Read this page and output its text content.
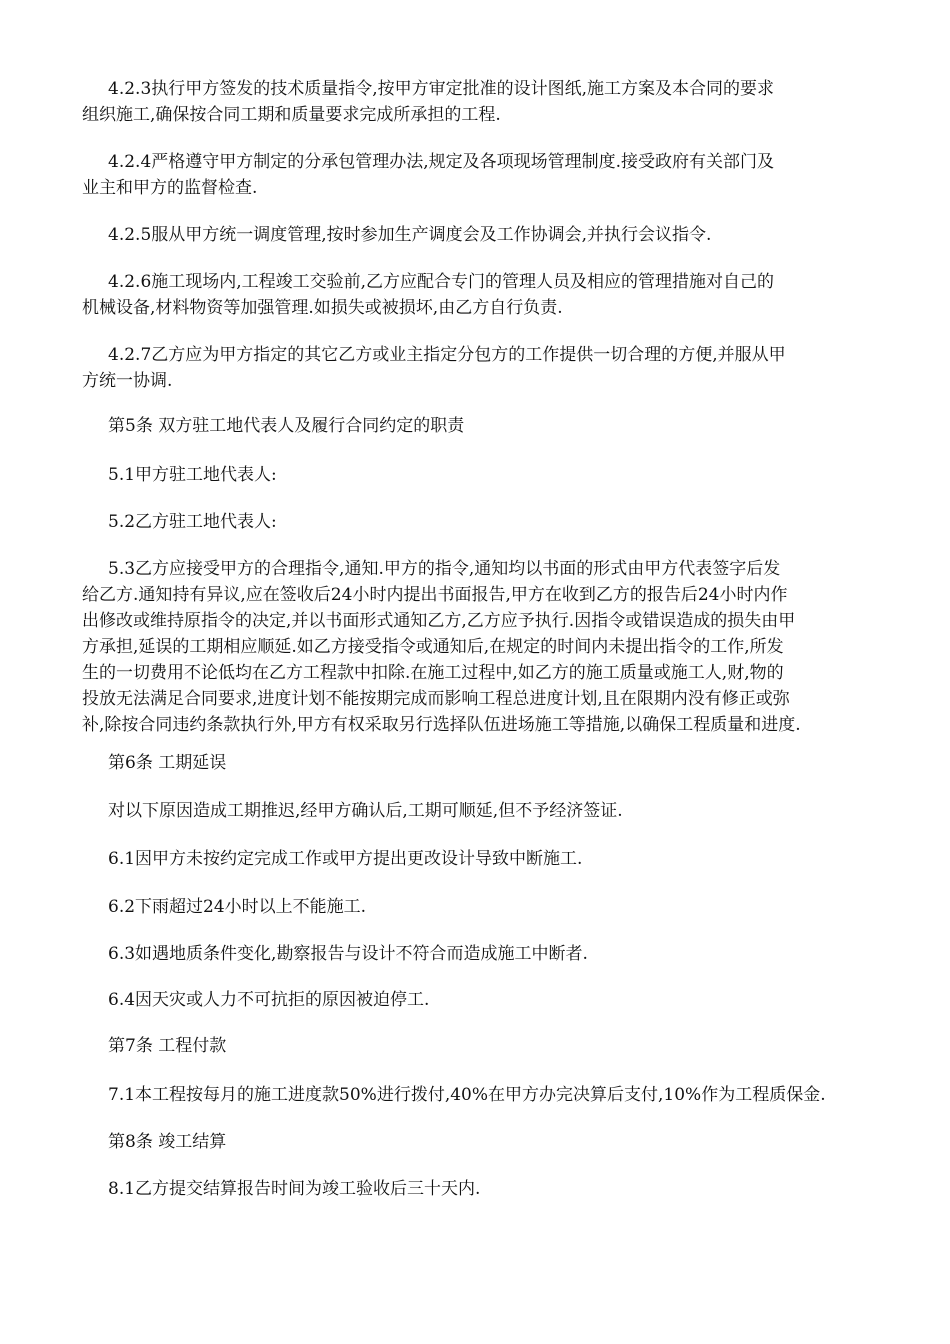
4.2.3执行甲方签发的技术质量指令,按甲方审定批准的设计图纸,施工方案及本合同的要求
组织施工,确保按合同工期和质量要求完成所承担的工程.

4.2.4严格遵守甲方制定的分承包管理办法,规定及各项现场管理制度.接受政府有关部门及
业主和甲方的监督检查.

4.2.5服从甲方统一调度管理,按时参加生产调度会及工作协调会,并执行会议指令.

4.2.6施工现场内,工程竣工交验前,乙方应配合专门的管理人员及相应的管理措施对自己的
机械设备,材料物资等加强管理.如损失或被损坏,由乙方自行负责.

4.2.7乙方应为甲方指定的其它乙方或业主指定分包方的工作提供一切合理的方便,并服从甲
方统一协调.

第5条 双方驻工地代表人及履行合同约定的职责

5.1甲方驻工地代表人:

5.2乙方驻工地代表人:

5.3乙方应接受甲方的合理指令,通知.甲方的指令,通知均以书面的形式由甲方代表签字后发
给乙方.通知持有异议,应在签收后24小时内提出书面报告,甲方在收到乙方的报告后24小时内作
出修改或维持原指令的决定,并以书面形式通知乙方,乙方应予执行.因指令或错误造成的损失由甲
方承担,延误的工期相应顺延.如乙方接受指令或通知后,在规定的时间内未提出指令的工作,所发
生的一切费用不论低均在乙方工程款中扣除.在施工过程中,如乙方的施工质量或施工人,财,物的
投放无法满足合同要求,进度计划不能按期完成而影响工程总进度计划,且在限期内没有修正或弥
补,除按合同违约条款执行外,甲方有权采取另行选择队伍进场施工等措施,以确保工程质量和进度.

第6条 工期延误

对以下原因造成工期推迟,经甲方确认后,工期可顺延,但不予经济签证.

6.1因甲方未按约定完成工作或甲方提出更改设计导致中断施工.

6.2下雨超过24小时以上不能施工.

6.3如遇地质条件变化,勘察报告与设计不符合而造成施工中断者.

6.4因天灾或人力不可抗拒的原因被迫停工.

第7条 工程付款

7.1本工程按每月的施工进度款50%进行拨付,40%在甲方办完决算后支付,10%作为工程质保金.

第8条 竣工结算

8.1乙方提交结算报告时间为竣工验收后三十天内.
